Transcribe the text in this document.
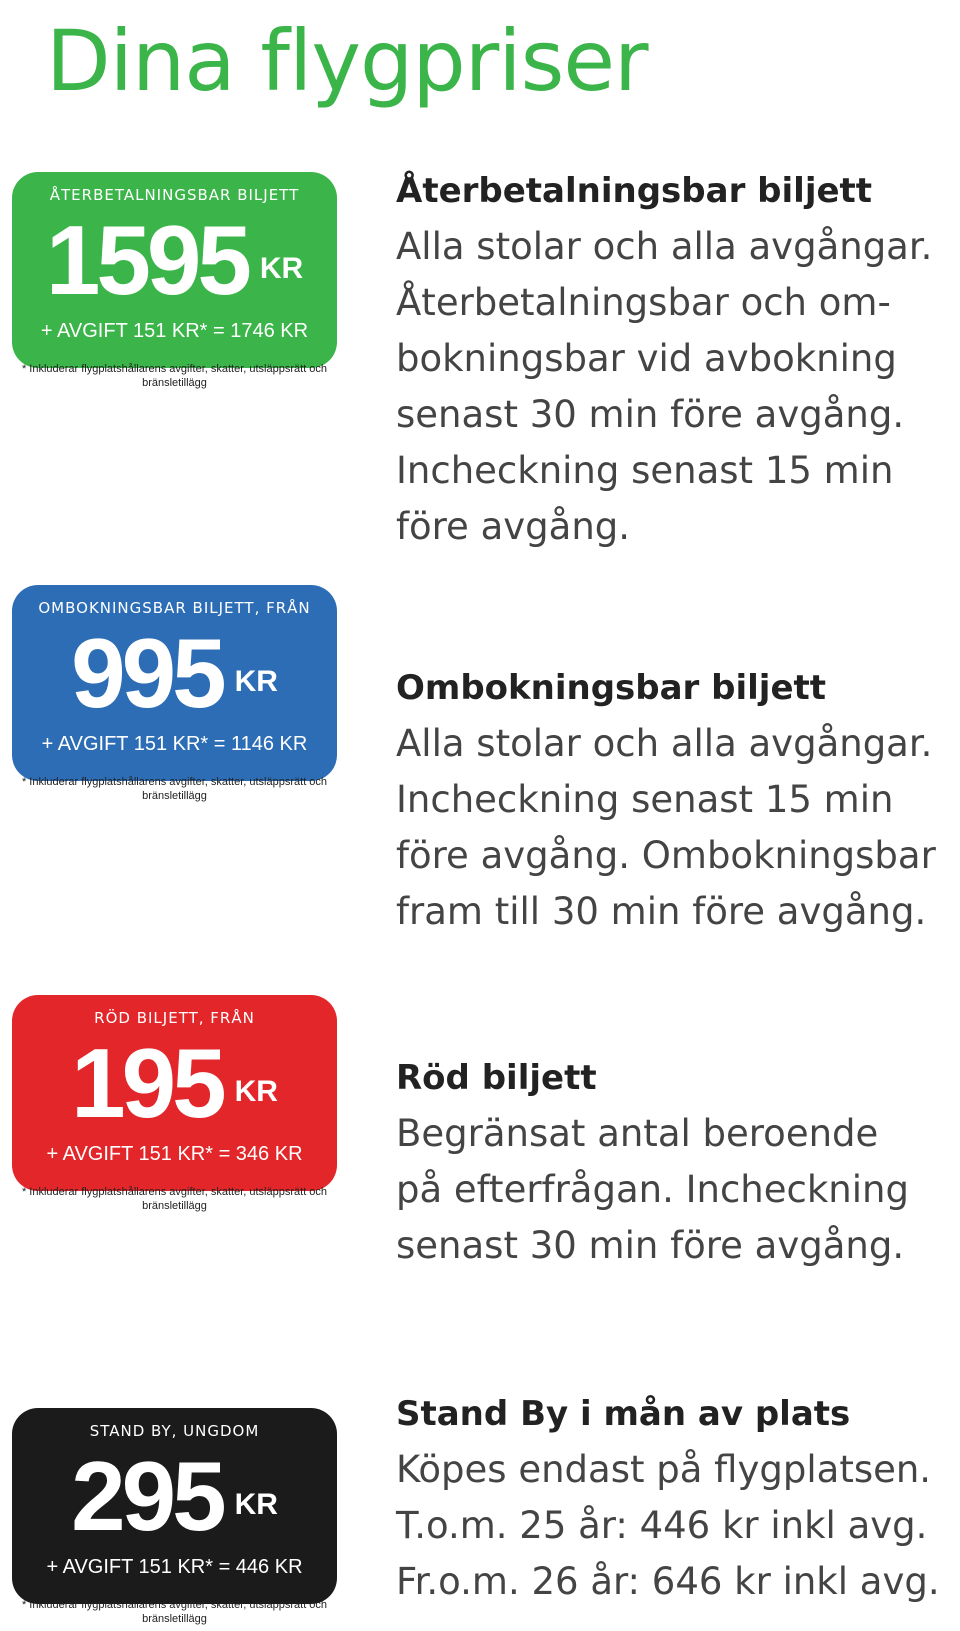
Dina flygpriser
ÅTERBETALNINGSBAR BILJETT
1595 KR
+ AVGIFT 151 KR* = 1746 KR
* Inkluderar flygplatshållarens avgifter, skatter, utsläppsrätt och bränsletillägg
Återbetalningsbar biljett
Alla stolar och alla avgångar.
Återbetalningsbar och om-
bokningsbar vid avbokning
senast 30 min före avgång.
Incheckning senast 15 min
före avgång.
OMBOKNINGSBAR BILJETT, FRÅN
995 KR
+ AVGIFT 151 KR* = 1146 KR
* Inkluderar flygplatshållarens avgifter, skatter, utsläppsrätt och bränsletillägg
Ombokningsbar biljett
Alla stolar och alla avgångar.
Incheckning senast 15 min
före avgång. Ombokningsbar
fram till 30 min före avgång.
RÖD BILJETT, FRÅN
195 KR
+ AVGIFT 151 KR* = 346 KR
* Inkluderar flygplatshållarens avgifter, skatter, utsläppsrätt och bränsletillägg
Röd biljett
Begränsat antal beroende
på efterfrågan. Incheckning
senast 30 min före avgång.
STAND BY, UNGDOM
295 KR
+ AVGIFT 151 KR* = 446 KR
* Inkluderar flygplatshållarens avgifter, skatter, utsläppsrätt och bränsletillägg
Stand By i mån av plats
Köpes endast på flygplatsen.
T.o.m. 25 år: 446 kr inkl avg.
Fr.o.m. 26 år: 646 kr inkl avg.
